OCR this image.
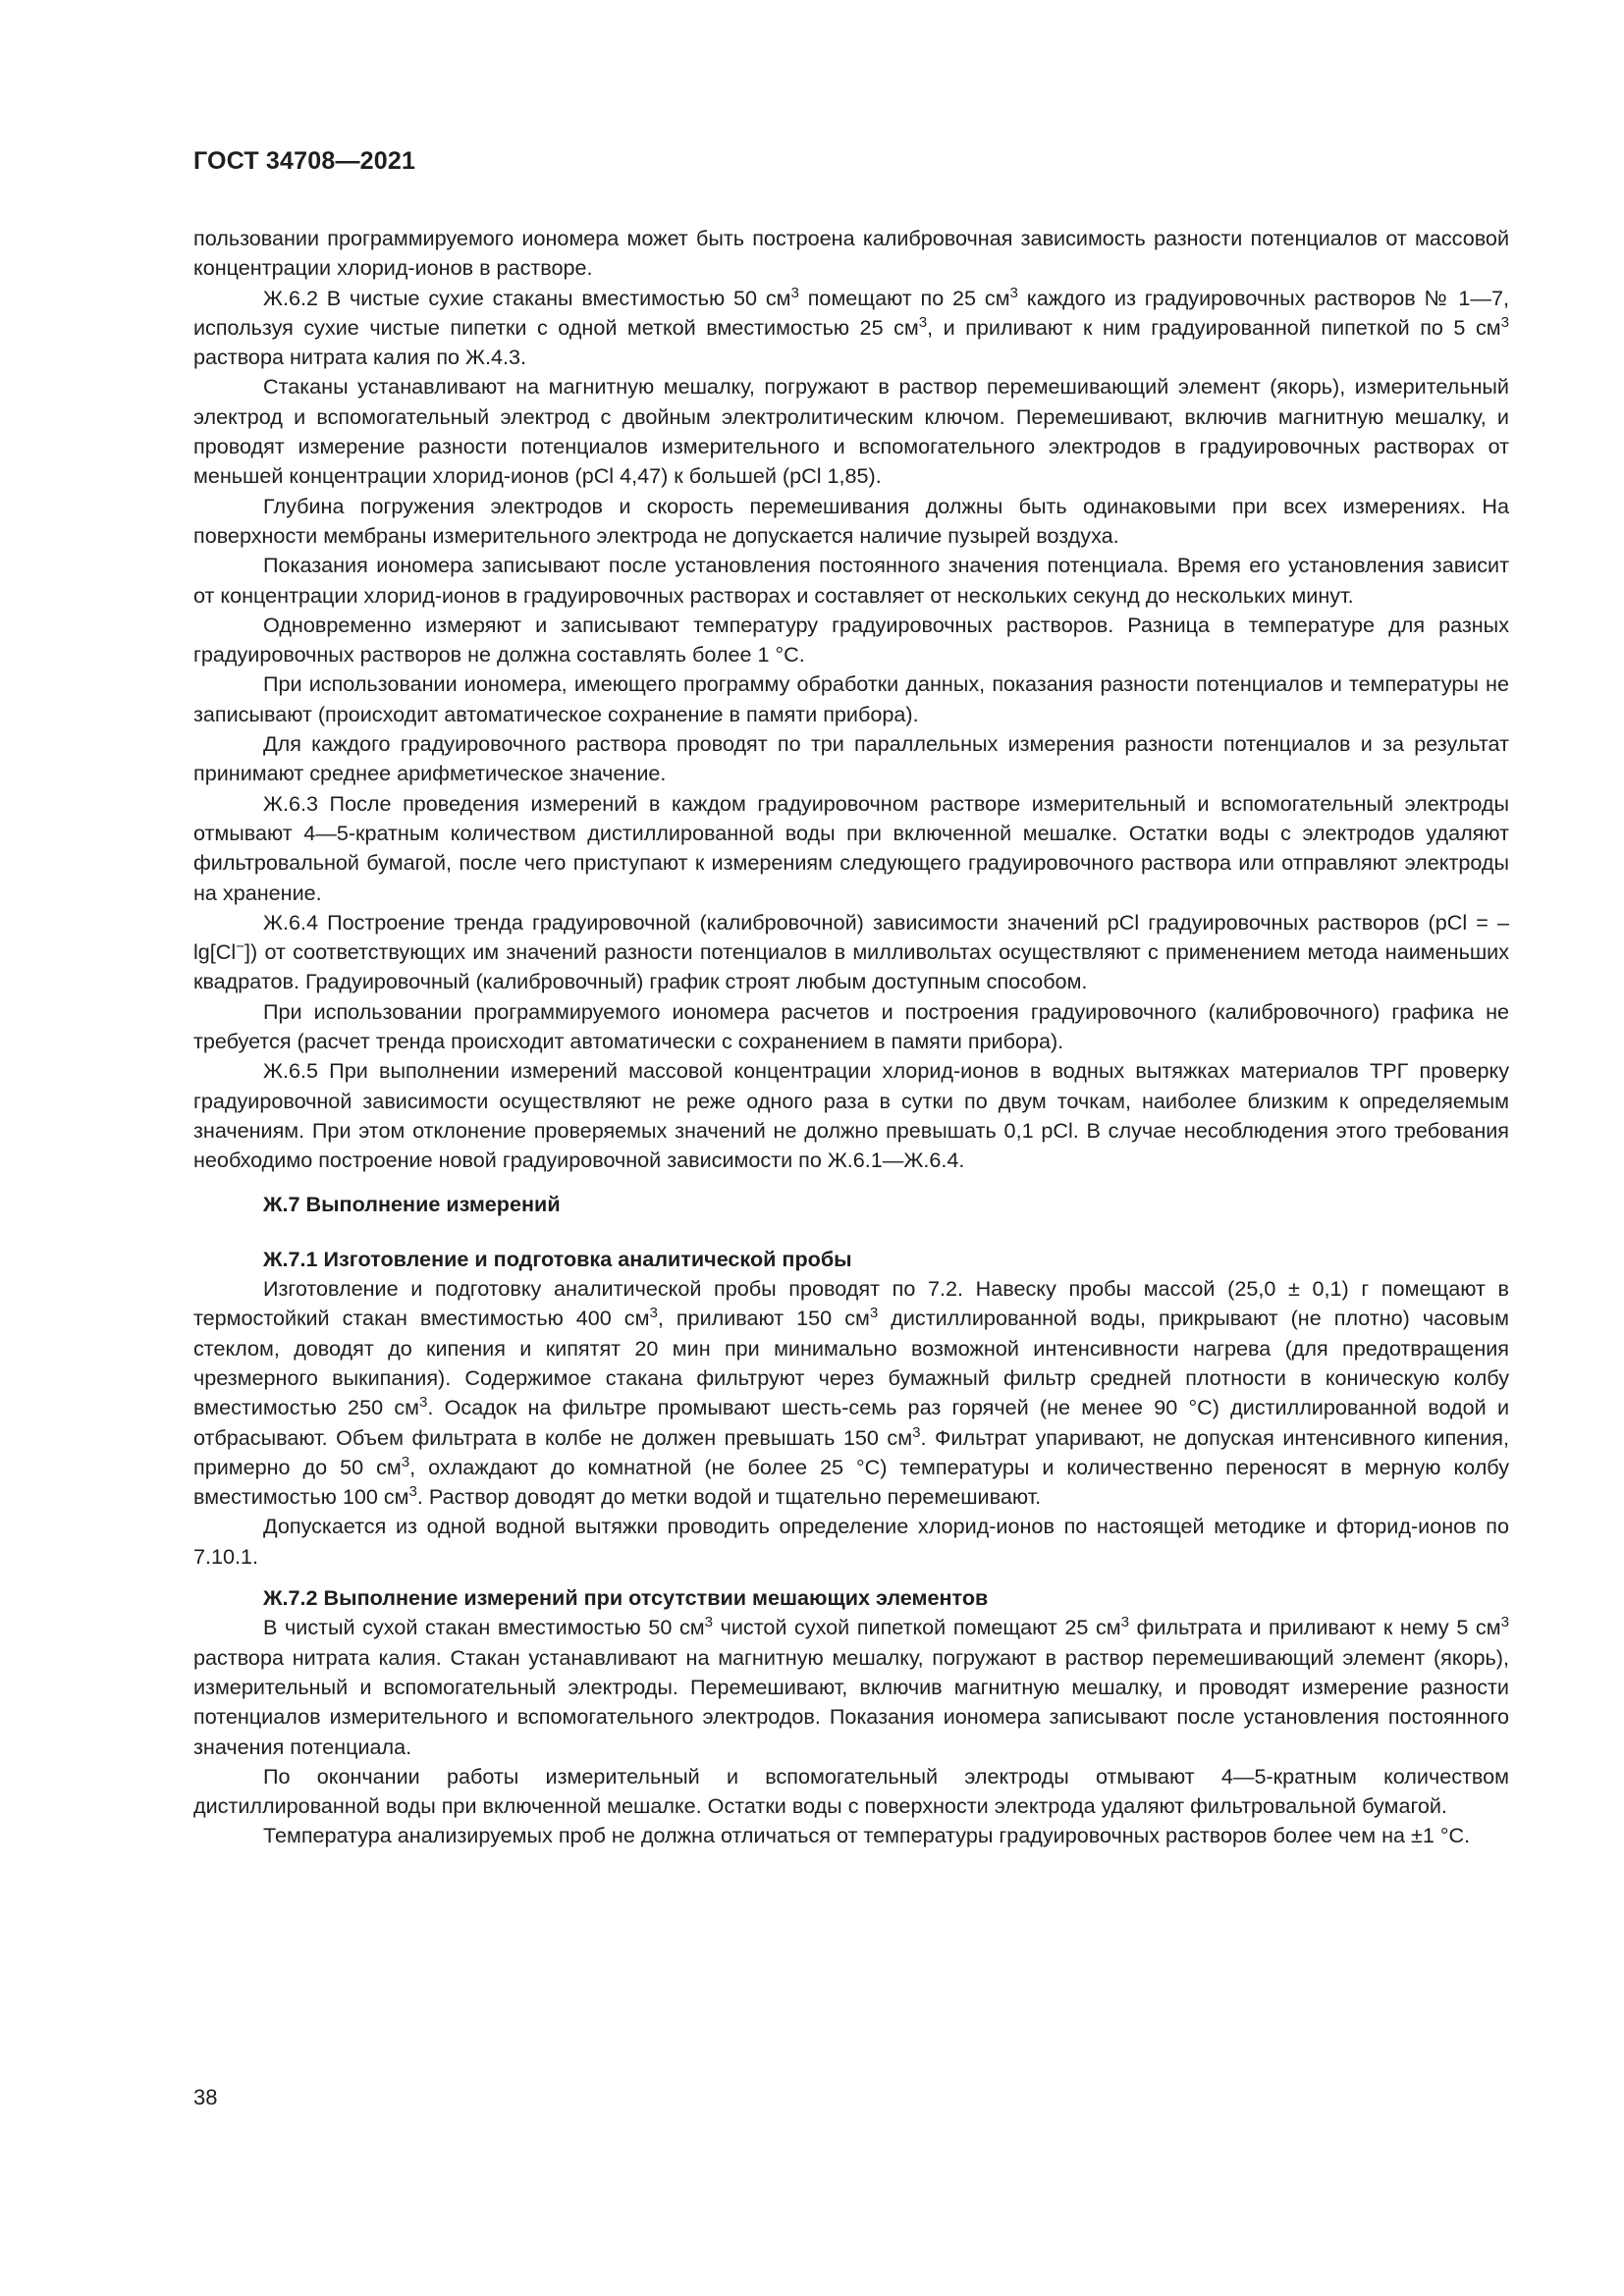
ГОСТ 34708—2021

пользовании программируемого иономера может быть построена калибровочная зависимость разности потенциалов от массовой концентрации хлорид-ионов в растворе.

Ж.6.2 В чистые сухие стаканы вместимостью 50 $см^3$ помещают по 25 $см^3$ каждого из градуировочных растворов № 1—7, используя сухие чистые пипетки с одной меткой вместимостью 25 $см^3$, и приливают к ним градуированной пипеткой по 5 $см^3$ раствора нитрата калия по Ж.4.3.

Стаканы устанавливают на магнитную мешалку, погружают в раствор перемешивающий элемент (якорь), измерительный электрод и вспомогательный электрод с двойным электролитическим ключом. Перемешивают, включив магнитную мешалку, и проводят измерение разности потенциалов измерительного и вспомогательного электродов в градуировочных растворах от меньшей концентрации хлорид-ионов (pCl 4,47) к большей (pCl 1,85).

Глубина погружения электродов и скорость перемешивания должны быть одинаковыми при всех измерениях. На поверхности мембраны измерительного электрода не допускается наличие пузырей воздуха.

Показания иономера записывают после установления постоянного значения потенциала. Время его установления зависит от концентрации хлорид-ионов в градуировочных растворах и составляет от нескольких секунд до нескольких минут.

Одновременно измеряют и записывают температуру градуировочных растворов. Разница в температуре для разных градуировочных растворов не должна составлять более 1 °С.

При использовании иономера, имеющего программу обработки данных, показания разности потенциалов и температуры не записывают (происходит автоматическое сохранение в памяти прибора).

Для каждого градуировочного раствора проводят по три параллельных измерения разности потенциалов и за результат принимают среднее арифметическое значение.

Ж.6.3 После проведения измерений в каждом градуировочном растворе измерительный и вспомогательный электроды отмывают 4—5-кратным количеством дистиллированной воды при включенной мешалке. Остатки воды с электродов удаляют фильтровальной бумагой, после чего приступают к измерениям следующего градуировочного раствора или отправляют электроды на хранение.

Ж.6.4 Построение тренда градуировочной (калибровочной) зависимости значений pCl градуировочных растворов (pCl = –lg[Cl−]) от соответствующих им значений разности потенциалов в милливольтах осуществляют с применением метода наименьших квадратов. Градуировочный (калибровочный) график строят любым доступным способом.

При использовании программируемого иономера расчетов и построения градуировочного (калибровочного) графика не требуется (расчет тренда происходит автоматически с сохранением в памяти прибора).

Ж.6.5 При выполнении измерений массовой концентрации хлорид-ионов в водных вытяжках материалов ТРГ проверку градуировочной зависимости осуществляют не реже одного раза в сутки по двум точкам, наиболее близким к определяемым значениям. При этом отклонение проверяемых значений не должно превышать 0,1 pCl. В случае несоблюдения этого требования необходимо построение новой градуировочной зависимости по Ж.6.1—Ж.6.4.

Ж.7 Выполнение измерений
Ж.7.1 Изготовление и подготовка аналитической пробы

Изготовление и подготовку аналитической пробы проводят по 7.2. Навеску пробы массой (25,0 ± 0,1) г помещают в термостойкий стакан вместимостью 400 $см^3$, приливают 150 $см^3$ дистиллированной воды, прикрывают (не плотно) часовым стеклом, доводят до кипения и кипятят 20 мин при минимально возможной интенсивности нагрева (для предотвращения чрезмерного выкипания). Содержимое стакана фильтруют через бумажный фильтр средней плотности в коническую колбу вместимостью 250 $см^3$. Осадок на фильтре промывают шесть-семь раз горячей (не менее 90 °С) дистиллированной водой и отбрасывают. Объем фильтрата в колбе не должен превышать 150 $см^3$. Фильтрат упаривают, не допуская интенсивного кипения, примерно до 50 $см^3$, охлаждают до комнатной (не более 25 °С) температуры и количественно переносят в мерную колбу вместимостью 100 $см^3$. Раствор доводят до метки водой и тщательно перемешивают.

Допускается из одной водной вытяжки проводить определение хлорид-ионов по настоящей методике и фторид-ионов по 7.10.1.

Ж.7.2 Выполнение измерений при отсутствии мешающих элементов

В чистый сухой стакан вместимостью 50 $см^3$ чистой сухой пипеткой помещают 25 $см^3$ фильтрата и приливают к нему 5 $см^3$ раствора нитрата калия. Стакан устанавливают на магнитную мешалку, погружают в раствор перемешивающий элемент (якорь), измерительный и вспомогательный электроды. Перемешивают, включив магнитную мешалку, и проводят измерение разности потенциалов измерительного и вспомогательного электродов. Показания иономера записывают после установления постоянного значения потенциала.

По окончании работы измерительный и вспомогательный электроды отмывают 4—5-кратным количеством дистиллированной воды при включенной мешалке. Остатки воды с поверхности электрода удаляют фильтровальной бумагой.

Температура анализируемых проб не должна отличаться от температуры градуировочных растворов более чем на ±1 °С.

38
